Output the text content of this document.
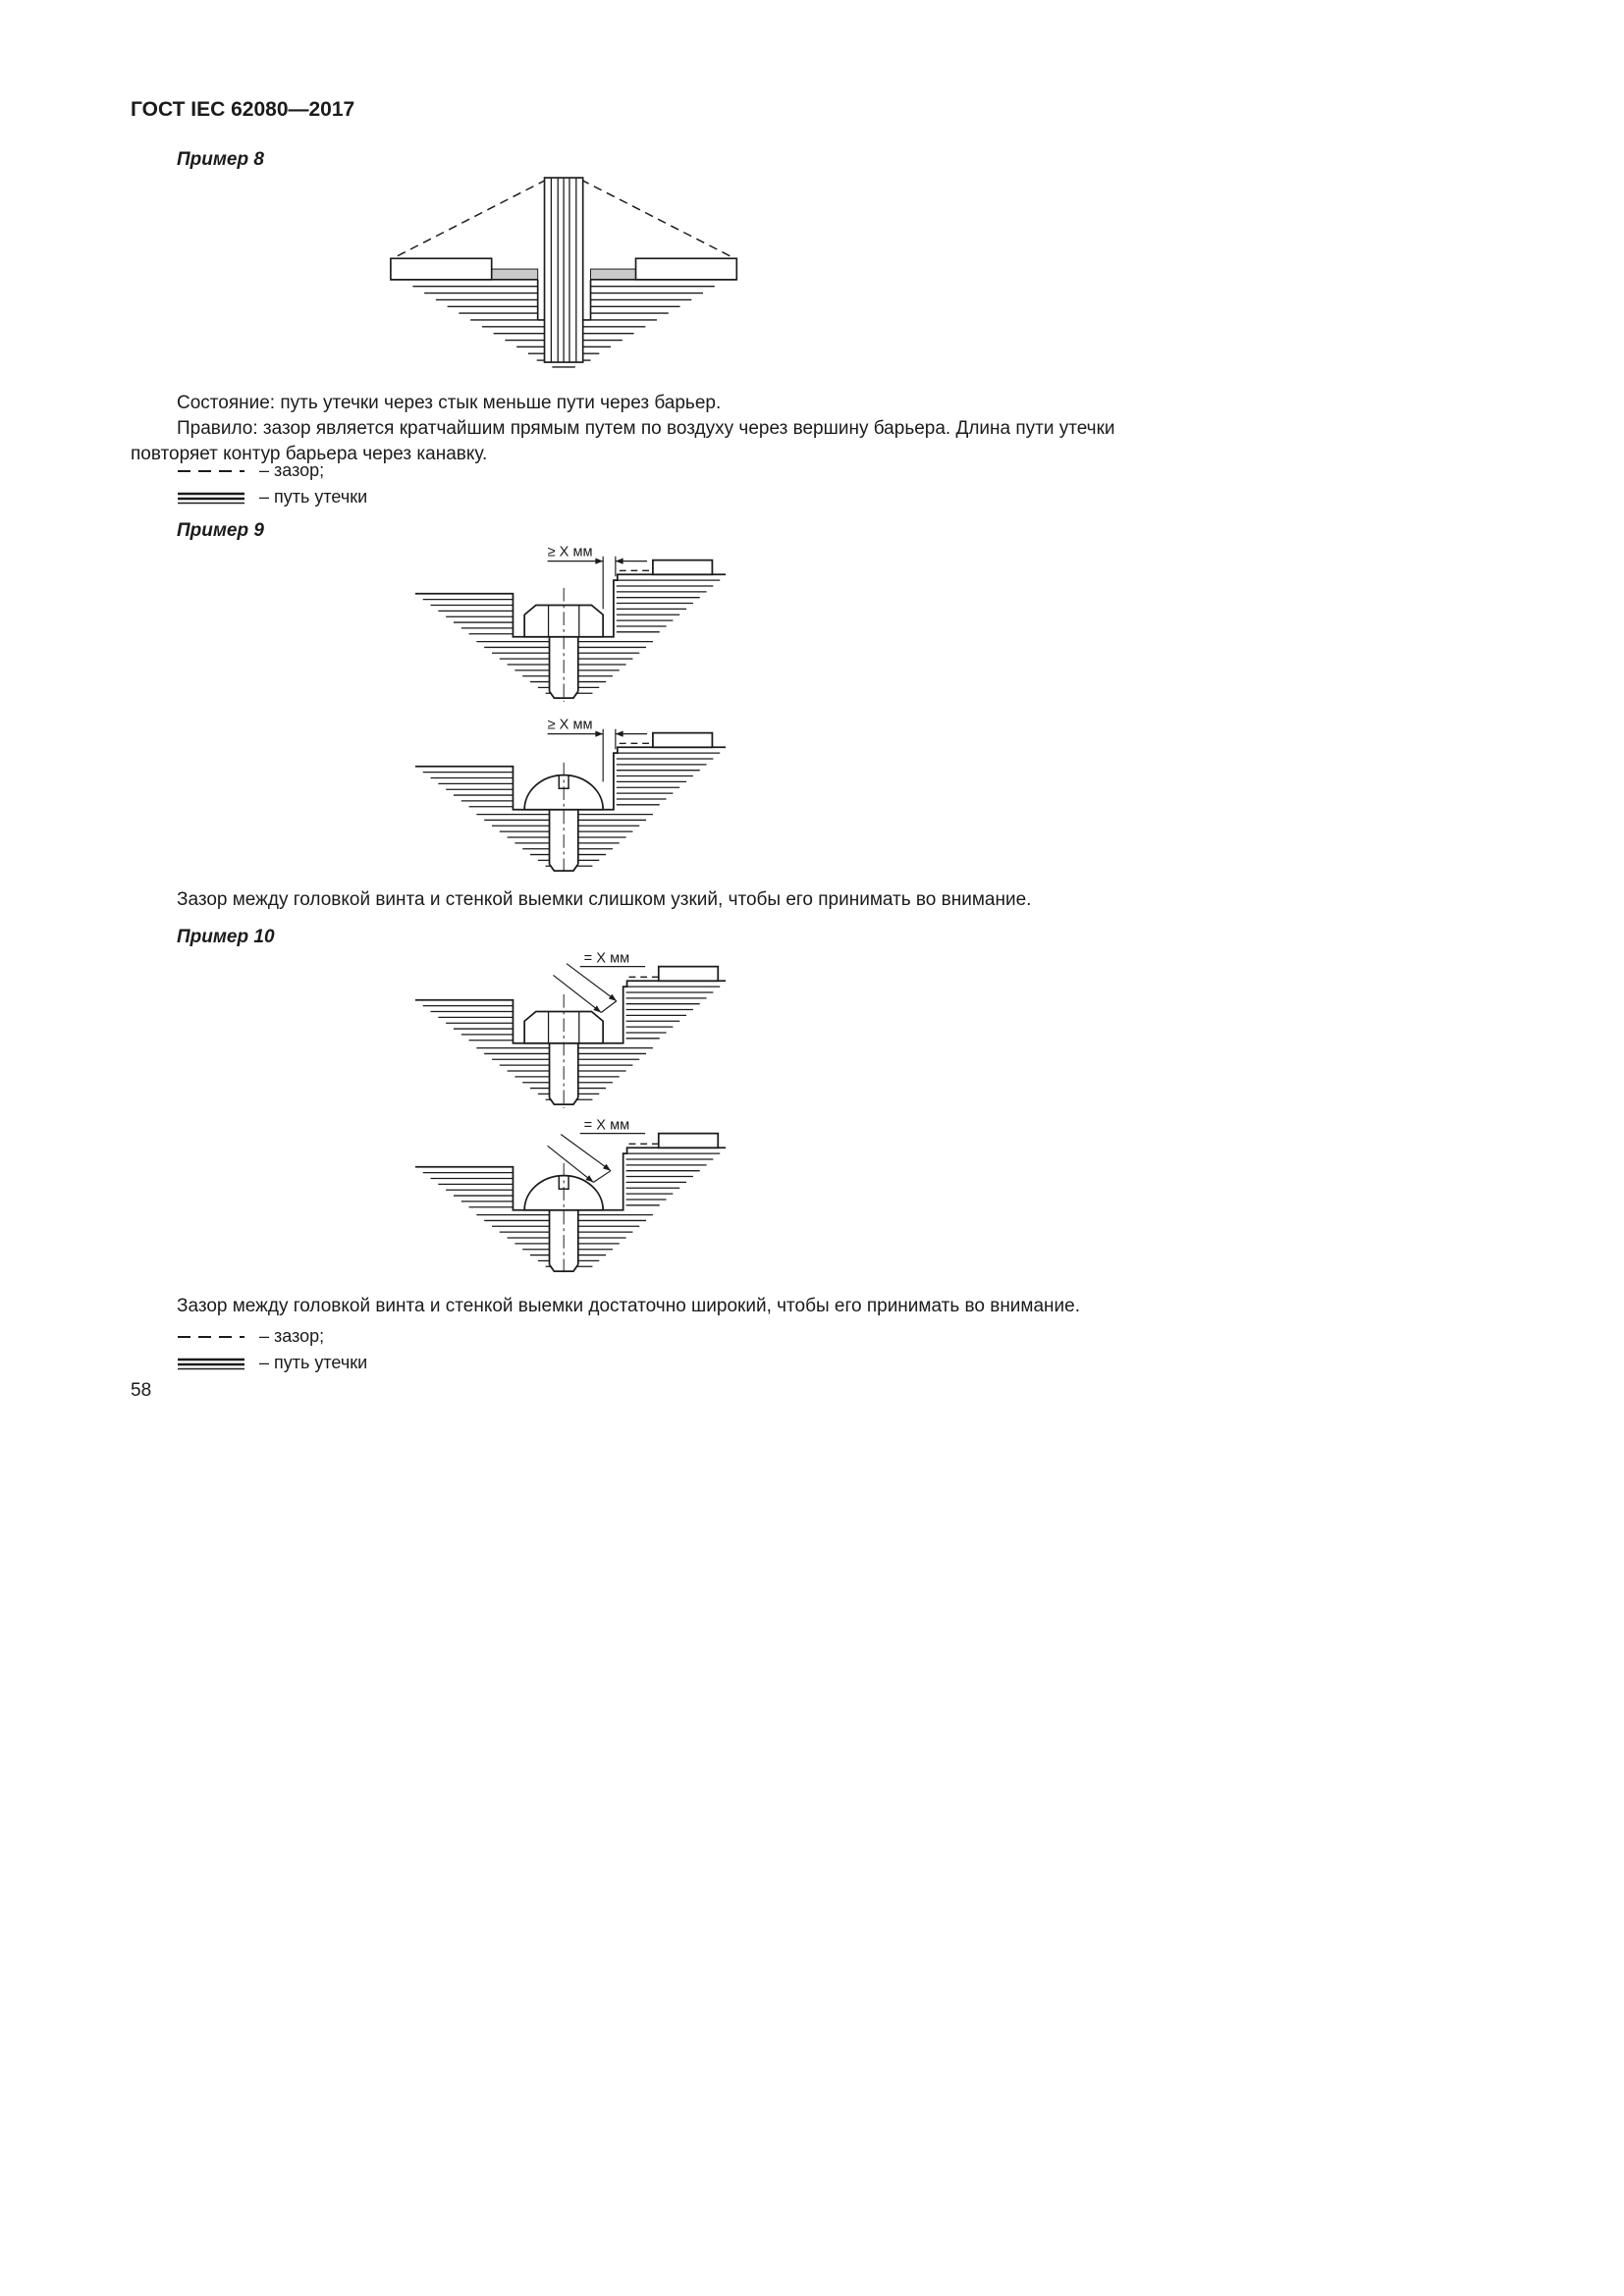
ГОСТ IEC 62080—2017
Пример 8

Состояние: путь утечки через стык меньше пути через барьер.

Правило: зазор является кратчайшим прямым путем по воздуху через вершину барьера. Длина пути утечки повторяет контур барьера через канавку.

– зазор;
– путь утечки
Пример 9
≥ X мм
≥ X мм
Зазор между головкой винта и стенкой выемки слишком узкий, чтобы его принимать во внимание.
Пример 10
= X мм
= X мм
Зазор между головкой винта и стенкой выемки достаточно широкий, чтобы его принимать во внимание.
– зазор;
– путь утечки
58
